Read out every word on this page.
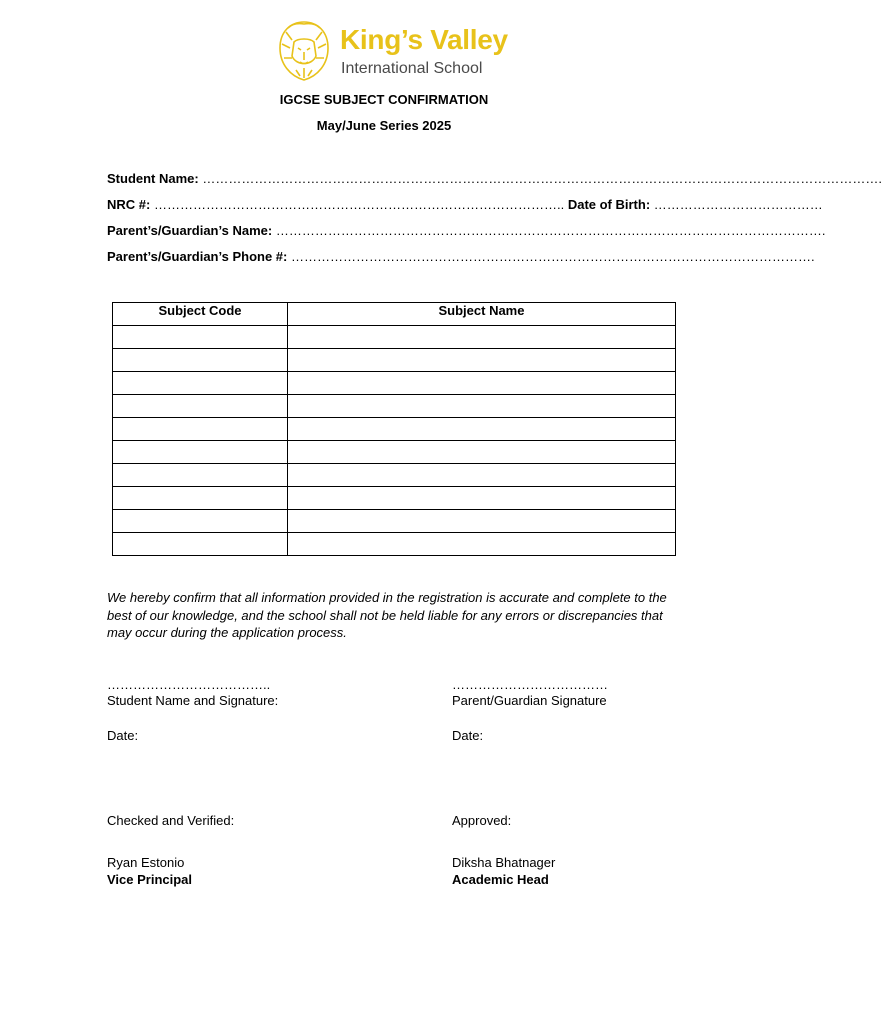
King’s Valley
International School
IGCSE SUBJECT CONFIRMATION
May/June Series 2025
Student Name: ………………………………………………………………………………………………………………………………………….
NRC #: ………………………………………………………………………………….. Date of Birth: …………………………………
Parent’s/Guardian’s Name: ……………………………………………………………………………………………………………….
Parent’s/Guardian’s Phone #: ………………………………………………………………………………………………………….
Subject Code	Subject Name

We hereby confirm that all information provided in the registration is accurate and complete to the best of our knowledge, and the school shall not be held liable for any errors or discrepancies that may occur during the application process.
………………………………..	………………………………
Student Name and Signature:	Parent/Guardian Signature
Date:	Date:
Checked and Verified:	Approved:
Ryan Estonio	Diksha Bhatnager
Vice Principal	Academic Head
